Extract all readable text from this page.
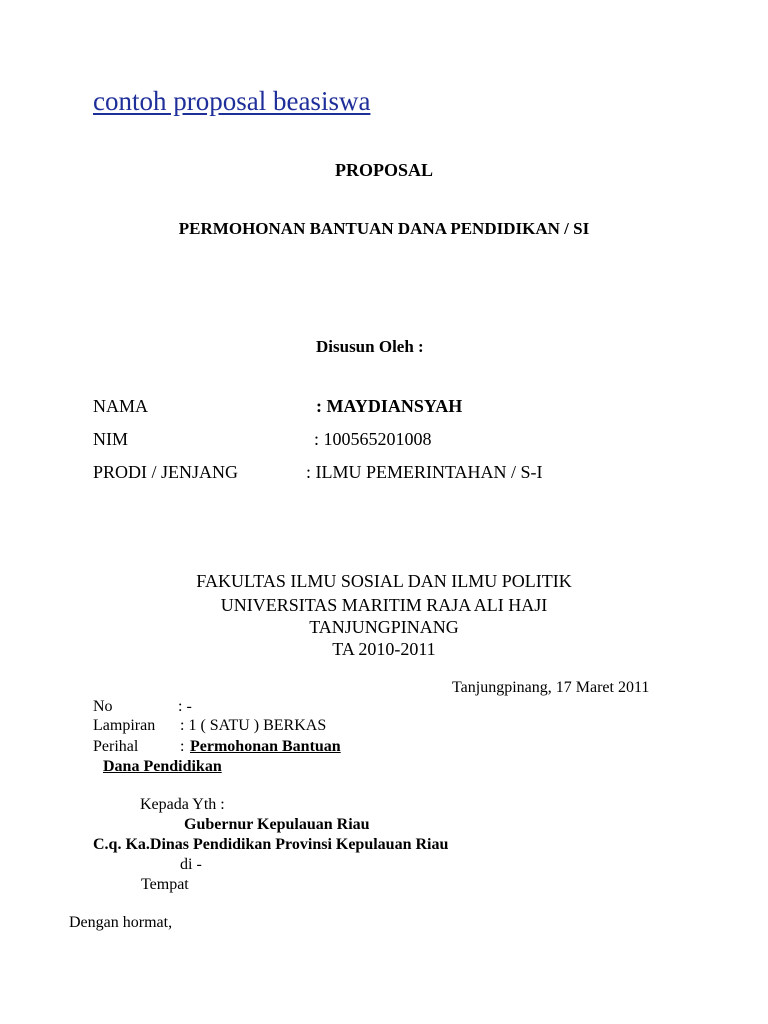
contoh proposal beasiswa
PROPOSAL
PERMOHONAN BANTUAN DANA PENDIDIKAN / SI
Disusun Oleh :
NAMA	: MAYDIANSYAH
NIM	: 100565201008
PRODI / JENJANG	: ILMU PEMERINTAHAN / S-I
FAKULTAS ILMU SOSIAL DAN ILMU POLITIK
UNIVERSITAS MARITIM RAJA ALI HAJI
TANJUNGPINANG
TA 2010-2011
Tanjungpinang, 17 Maret 2011
No	: -
Lampiran : 1 ( SATU ) BERKAS
Perihal	: Permohonan Bantuan
Dana Pendidikan
Kepada Yth :
Gubernur Kepulauan Riau
C.q. Ka.Dinas Pendidikan Provinsi Kepulauan Riau
di -
Tempat
Dengan hormat,
